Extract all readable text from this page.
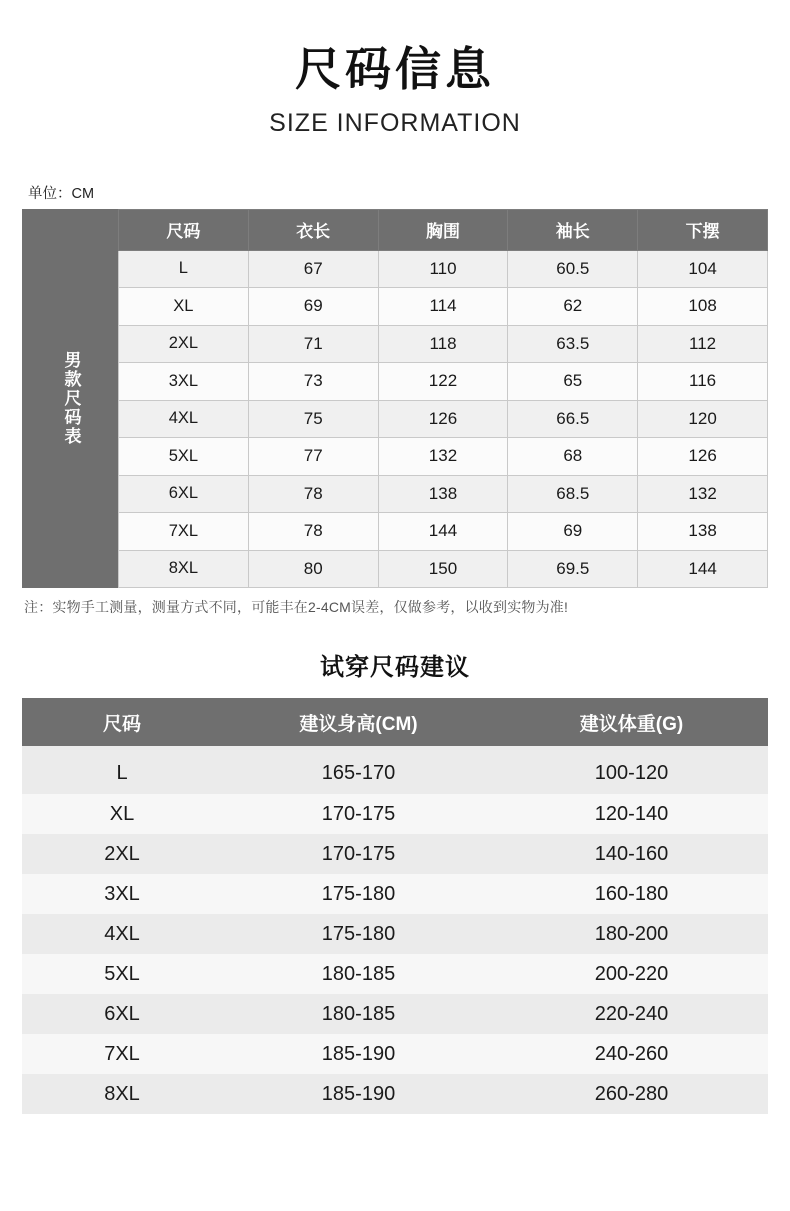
尺码信息
SIZE INFORMATION
单位：CM
男款尺码表
尺码	衣长	胸围	袖长	下摆
L	67	110	60.5	104
XL	69	114	62	108
2XL	71	118	63.5	112
3XL	73	122	65	116
4XL	75	126	66.5	120
5XL	77	132	68	126
6XL	78	138	68.5	132
7XL	78	144	69	138
8XL	80	150	69.5	144
注：实物手工测量，测量方式不同，可能丰在2-4CM误差，仅做参考，以收到实物为准!
试穿尺码建议
尺码	建议身高(CM)	建议体重(G)
L	165-170	100-120
XL	170-175	120-140
2XL	170-175	140-160
3XL	175-180	160-180
4XL	175-180	180-200
5XL	180-185	200-220
6XL	180-185	220-240
7XL	185-190	240-260
8XL	185-190	260-280
